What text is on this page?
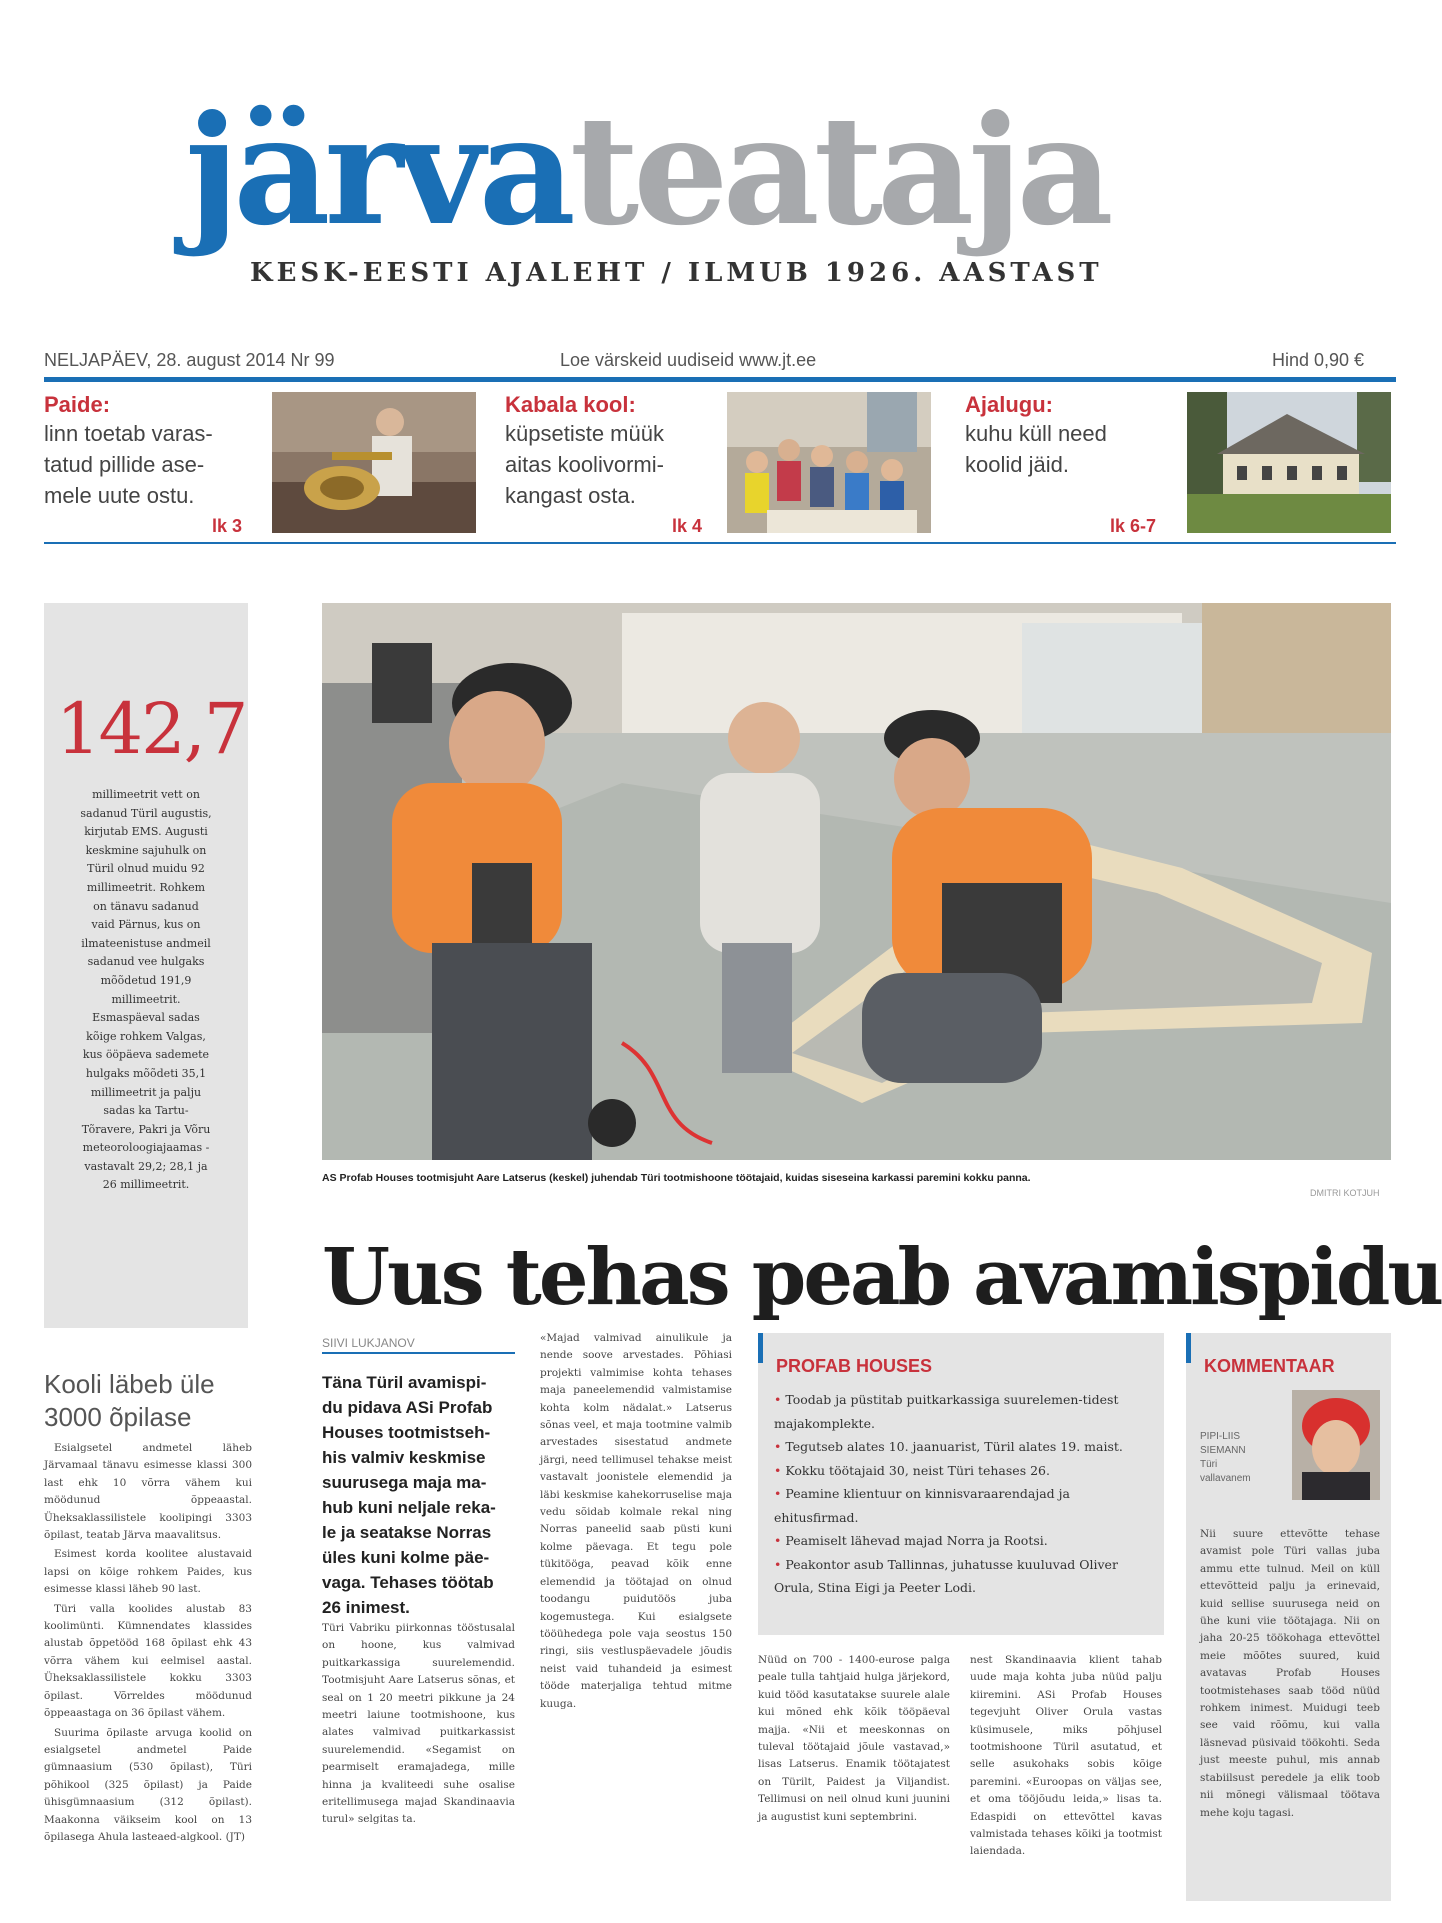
järvateataja
KESK-EESTI AJALEHT / ILMUB 1926. AASTAST
NELJAPÄEV, 28. august 2014 Nr 99	Loe värskeid uudiseid www.jt.ee	Hind 0,90 €
Paide:
linn toetab varas-
tatud pillide ase-
mele uute ostu.
lk 3
Kabala kool:
küpsetiste müük
aitas koolivormi-
kangast osta.
lk 4
Ajalugu:
kuhu küll need
koolid jäid.
lk 6-7
142,7
millimeetrit vett on
sadanud Türil augustis,
kirjutab EMS. Augusti
keskmine sajuhulk on
Türil olnud muidu 92
millimeetrit. Rohkem
on tänavu sadanud
vaid Pärnus, kus on
ilmateenistuse andmeil
sadanud vee hulgaks
mõõdetud 191,9
millimeetrit.
Esmaspäeval sadas
kõige rohkem Valgas,
kus ööpäeva sademete
hulgaks mõõdeti 35,1
millimeetrit ja palju
sadas ka Tartu-
Tõravere, Pakri ja Võru
meteoroloogiajaamas -
vastavalt 29,2; 28,1 ja
26 millimeetrit.
Kooli läbeb üle
3000 õpilase

Esialgsetel andmetel läheb Järvamaal tänavu esimesse klassi 300 last ehk 10 võrra vähem kui möödunud õppeaastal. Üheksaklassilistele koolipingi 3303 õpilast, teatab Järva maavalitsus.

Esimest korda koolitee alustavaid lapsi on kõige rohkem Paides, kus esimesse klassi läheb 90 last.

Türi valla koolides alustab 83 koolimünti. Kümnendates klassides alustab õppetööd 168 õpilast ehk 43 võrra vähem kui eelmisel aastal. Üheksaklassilistele kokku 3303 õpilast. Võrreldes möödunud õppeaastaga on 36 õpilast vähem.

Suurima õpilaste arvuga koolid on esialgsetel andmetel Paide gümnaasium (530 õpilast), Türi põhikool (325 õpilast) ja Paide ühisgümnaasium (312 õpilast). Maakonna väikseim kool on 13 õpilasega Ahula lasteaed-algkool. (JT)

AS Profab Houses tootmisjuht Aare Latserus (keskel) juhendab Türi tootmishoone töötajaid, kuidas siseseina karkassi paremini kokku panna.
DMITRI KOTJUH
Uus tehas peab avamispidu
SIIVI LUKJANOV
Täna Türil avamispi-
du pidava ASi Profab
Houses tootmistseh-
his valmiv keskmise
suurusega maja ma-
hub kuni neljale reka-
le ja seatakse Norras
üles kuni kolme päe-
vaga. Tehases töötab
26 inimest.
Türi Vabriku piirkonnas tööstusalal on hoone, kus valmivad puitkarkassiga suurelemendid. Tootmisjuht Aare Latserus sõnas, et seal on 1 20 meetri pikkune ja 24 meetri laiune tootmishoone, kus alates valmivad puitkarkassist suurelemendid. «Segamist on pearmiselt eramajadega, mille hinna ja kvaliteedi suhe osalise eritellimusega majad Skandinaavia turul» selgitas ta.
«Majad valmivad ainulikule ja nende soove arvestades. Põhiasi projekti valmimise kohta tehases maja paneelemendid valmistamise kohta kolm nädalat.» Latserus sõnas veel, et maja tootmine valmib arvestades sisestatud andmete järgi, need tellimusel tehakse meist vastavalt joonistele elemendid ja läbi keskmise kahekorruselise maja vedu sõidab kolmale rekal ning Norras paneelid saab püsti kuni kolme päevaga. Et tegu pole tükitööga, peavad kõik enne elemendid ja töötajad on olnud toodangu puidutöös juba kogemustega. Kui esialgsete tööühedega pole vaja seostus 150 ringi, siis vestluspäevadele jõudis neist vaid tuhandeid ja esimest tööde materjaliga tehtud mitme kuuga.
Nüüd on 700 - 1400-eurose palga peale tulla tahtjaid hulga järjekord, kuid tööd kasutatakse suurele alale kui mõned ehk kõik tööpäeval majja. «Nii et meeskonnas on tuleval töötajaid jõule vastavad,» lisas Latserus. Enamik töötajatest on Türilt, Paidest ja Viljandist. Tellimusi on neil olnud kuni juunini ja augustist kuni septembrini.
nest Skandinaavia klient tahab uude maja kohta juba nüüd palju kiiremini. ASi Profab Houses tegevjuht Oliver Orula vastas küsimusele, miks põhjusel tootmishoone Türil asutatud, et selle asukohaks sobis kõige paremini. «Euroopas on väljas see, et oma tööjõudu leida,» lisas ta. Edaspidi on ettevõttel kavas valmistada tehases kõiki ja tootmist laiendada.
PROFAB HOUSES
• Toodab ja püstitab puitkarkassiga suurelemen-tidest majakomplekte.
• Tegutseb alates 10. jaanuarist, Türil alates 19. maist.
• Kokku töötajaid 30, neist Türi tehases 26.
• Peamine klientuur on kinnisvaraarendajad ja ehitusfirmad.
• Peamiselt lähevad majad Norra ja Rootsi.
• Peakontor asub Tallinnas, juhatusse kuuluvad Oliver Orula, Stina Eigi ja Peeter Lodi.
KOMMENTAAR
PIPI-LIIS
SIEMANN
Türi
vallavanem
Nii suure ettevõtte tehase avamist pole Türi vallas juba ammu ette tulnud. Meil on küll ettevõtteid palju ja erinevaid, kuid sellise suurusega neid on ühe kuni viie töötajaga. Nii on jaha 20-25 töökohaga ettevõttel meie mõõtes suured, kuid avatavas Profab Houses tootmistehases saab tööd nüüd rohkem inimest. Muidugi teeb see vaid rõõmu, kui valla läsnevad püsivaid töökohti. Seda just meeste puhul, mis annab stabiilsust peredele ja elik toob nii mõnegi välismaal töötava mehe koju tagasi.
